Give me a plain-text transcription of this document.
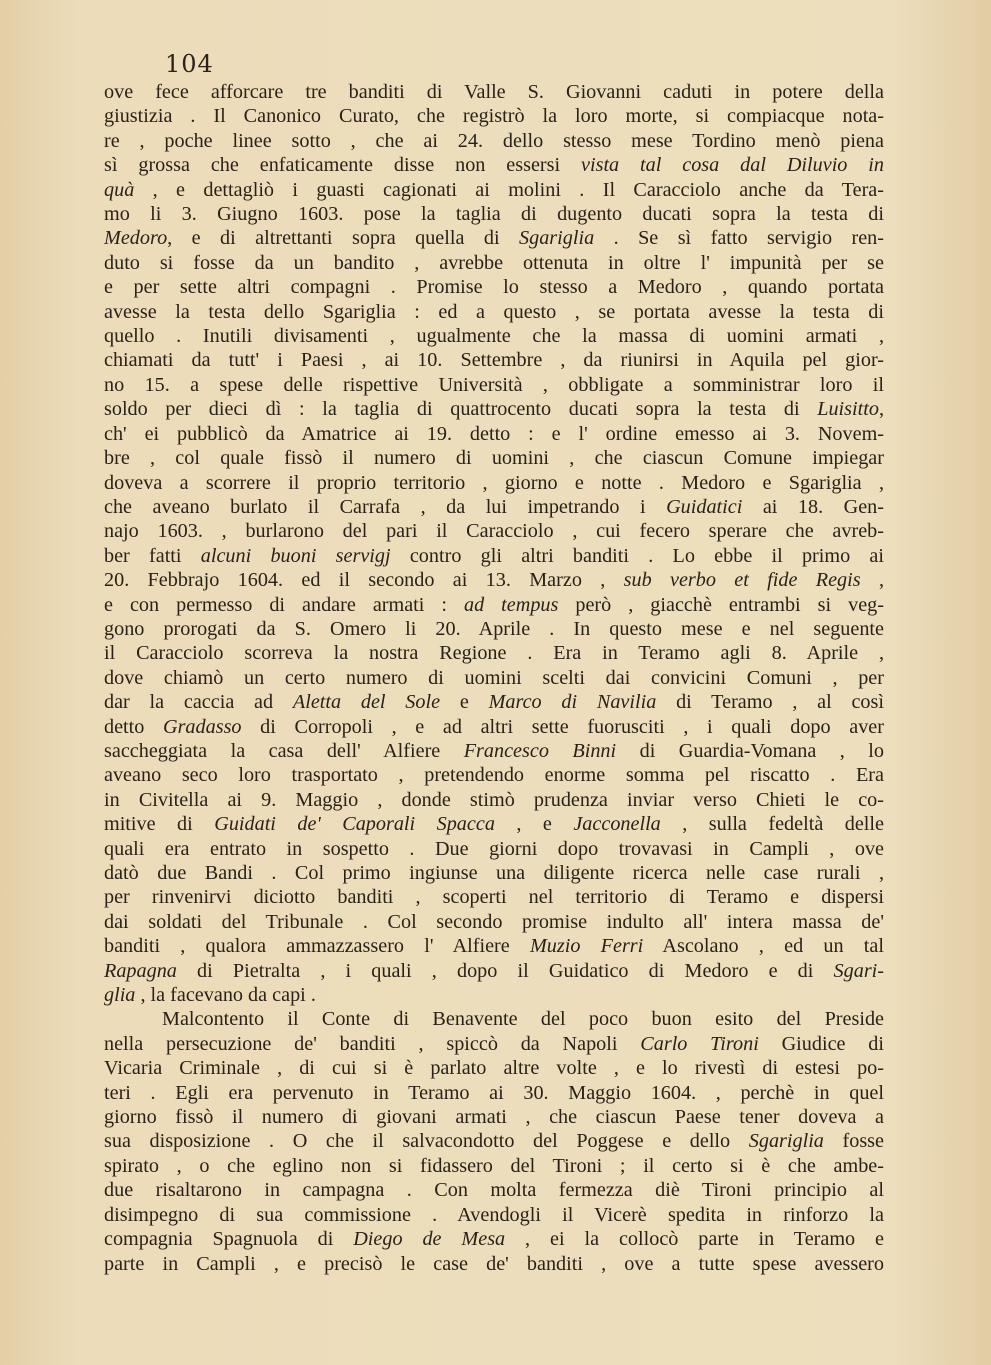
104
ove fece afforcare tre banditi di Valle S. Giovanni caduti in potere della
giustizia . Il Canonico Curato, che registrò la loro morte, si compiacque nota-
re , poche linee sotto , che ai 24. dello stesso mese Tordino menò piena
sì grossa che enfaticamente disse non essersi vista tal cosa dal Diluvio in
quà , e dettagliò i guasti cagionati ai molini . Il Caracciolo anche da Tera-
mo li 3. Giugno 1603. pose la taglia di dugento ducati sopra la testa di
Medoro, e di altrettanti sopra quella di Sgariglia . Se sì fatto servigio ren-
duto si fosse da un bandito , avrebbe ottenuta in oltre l' impunità per se
e per sette altri compagni . Promise lo stesso a Medoro , quando portata
avesse la testa dello Sgariglia : ed a questo , se portata avesse la testa di
quello . Inutili divisamenti , ugualmente che la massa di uomini armati ,
chiamati da tutt' i Paesi , ai 10. Settembre , da riunirsi in Aquila pel gior-
no 15. a spese delle rispettive Università , obbligate a somministrar loro il
soldo per dieci dì : la taglia di quattrocento ducati sopra la testa di Luisitto,
ch' ei pubblicò da Amatrice ai 19. detto : e l' ordine emesso ai 3. Novem-
bre , col quale fissò il numero di uomini , che ciascun Comune impiegar
doveva a scorrere il proprio territorio , giorno e notte . Medoro e Sgariglia ,
che aveano burlato il Carrafa , da lui impetrando i Guidatici ai 18. Gen-
najo 1603. , burlarono del pari il Caracciolo , cui fecero sperare che avreb-
ber fatti alcuni buoni servigj contro gli altri banditi . Lo ebbe il primo ai
20. Febbrajo 1604. ed il secondo ai 13. Marzo , sub verbo et fide Regis ,
e con permesso di andare armati : ad tempus però , giacchè entrambi si veg-
gono prorogati da S. Omero li 20. Aprile . In questo mese e nel seguente
il Caracciolo scorreva la nostra Regione . Era in Teramo agli 8. Aprile ,
dove chiamò un certo numero di uomini scelti dai convicini Comuni , per
dar la caccia ad Aletta del Sole e Marco di Navilia di Teramo , al così
detto Gradasso di Corropoli , e ad altri sette fuorusciti , i quali dopo aver
saccheggiata la casa dell' Alfiere Francesco Binni di Guardia-Vomana , lo
aveano seco loro trasportato , pretendendo enorme somma pel riscatto . Era
in Civitella ai 9. Maggio , donde stimò prudenza inviar verso Chieti le co-
mitive di Guidati de' Caporali Spacca , e Jacconella , sulla fedeltà delle
quali era entrato in sospetto . Due giorni dopo trovavasi in Campli , ove
datò due Bandi . Col primo ingiunse una diligente ricerca nelle case rurali ,
per rinvenirvi diciotto banditi , scoperti nel territorio di Teramo e dispersi
dai soldati del Tribunale . Col secondo promise indulto all' intera massa de'
banditi , qualora ammazzassero l' Alfiere Muzio Ferri Ascolano , ed un tal
Rapagna di Pietralta , i quali , dopo il Guidatico di Medoro e di Sgari-
glia , la facevano da capi .
Malcontento il Conte di Benavente del poco buon esito del Preside
nella persecuzione de' banditi , spiccò da Napoli Carlo Tironi Giudice di
Vicaria Criminale , di cui si è parlato altre volte , e lo rivestì di estesi po-
teri . Egli era pervenuto in Teramo ai 30. Maggio 1604. , perchè in quel
giorno fissò il numero di giovani armati , che ciascun Paese tener doveva a
sua disposizione . O che il salvacondotto del Poggese e dello Sgariglia fosse
spirato , o che eglino non si fidassero del Tironi ; il certo si è che ambe-
due risaltarono in campagna . Con molta fermezza diè Tironi principio al
disimpegno di sua commissione . Avendogli il Vicerè spedita in rinforzo la
compagnia Spagnuola di Diego de Mesa , ei la collocò parte in Teramo e
parte in Campli , e precisò le case de' banditi , ove a tutte spese avessero
